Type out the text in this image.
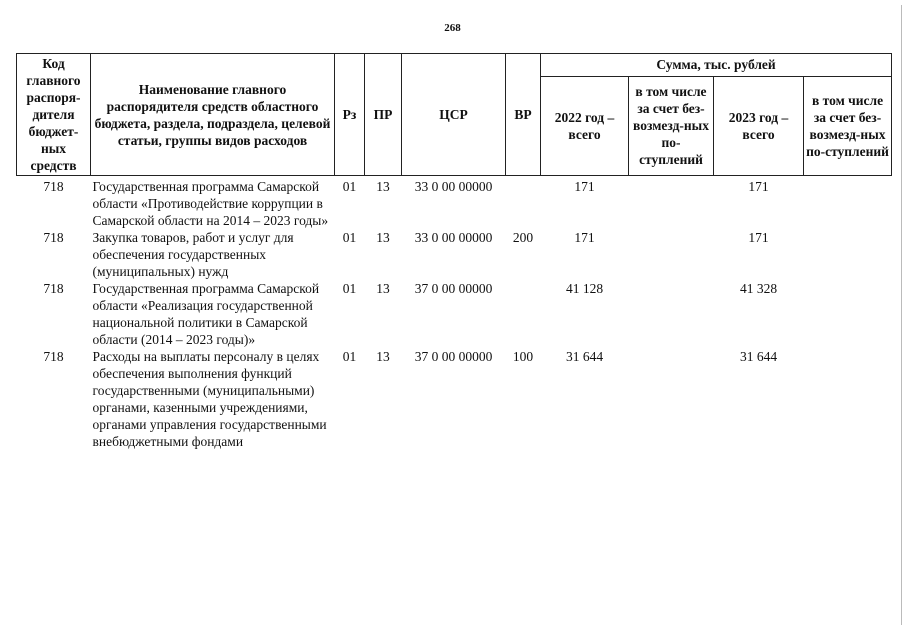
268
Код главного распоря-дителя бюджет-ных средств	Наименование главного распорядителя средств областного бюджета, раздела, подраздела, целевой статьи, группы видов расходов	Рз	ПР	ЦСР	ВР	Сумма, тыс. рублей			
						2022 год – всего	в том числе за счет без-возмезд-ных по-ступлений	2023 год – всего	в том числе за счет без-возмезд-ных по-ступлений
718	Государственная программа Самарской области «Противодействие коррупции в Самарской области на 2014 – 2023 годы»	01	13	33 0 00 00000		171		171	
718	Закупка товаров, работ и услуг для обеспечения государственных (муниципальных) нужд	01	13	33 0 00 00000	200	171		171	
718	Государственная программа Самарской области «Реализация государственной национальной политики в Самарской области (2014 – 2023 годы)»	01	13	37 0 00 00000		41 128		41 328	
718	Расходы на выплаты персоналу в целях обеспечения выполнения функций государственными (муниципальными) органами, казенными учреждениями, органами управления государственными внебюджетными фондами	01	13	37 0 00 00000	100	31 644		31 644	
